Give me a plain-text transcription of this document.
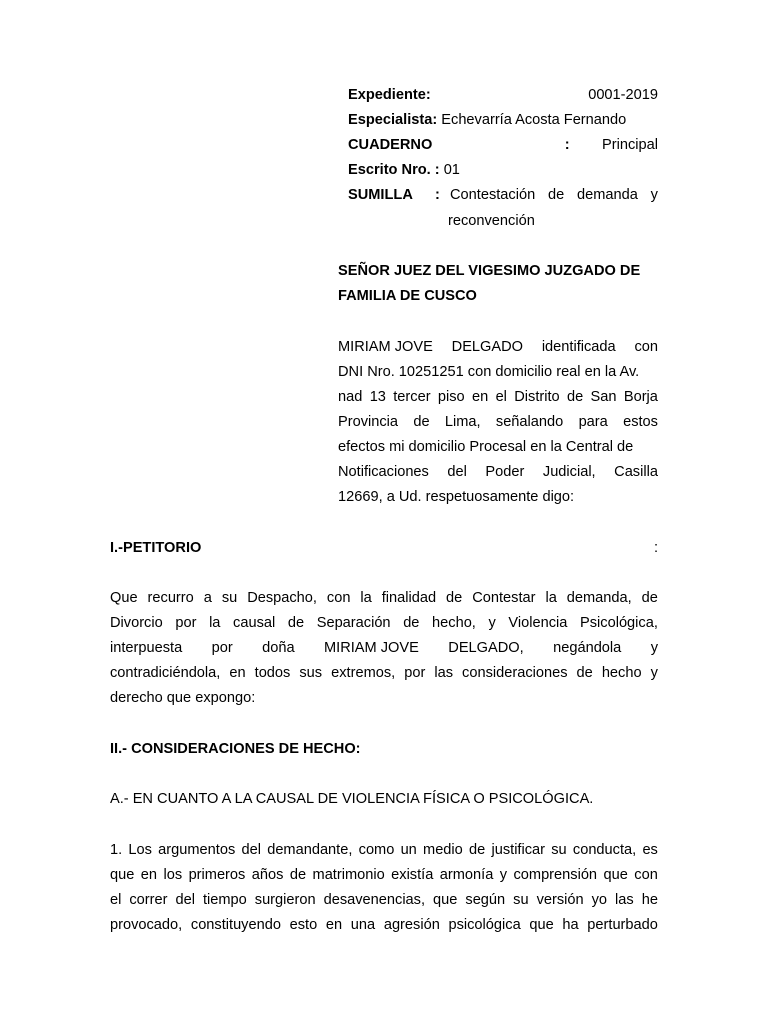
Expediente:	0001-2019
Especialista: Echevarría Acosta Fernando
CUADERNO	: Principal
Escrito Nro. : 01
SUMILLA : Contestación de demanda y
reconvención
SEÑOR JUEZ DEL VIGESIMO JUZGADO DE
FAMILIA DE CUSCO
MIRIAM JOVE DELGADO identificada con
DNI Nro. 10251251 con domicilio real en la Av.
nad 13 tercer piso en el Distrito de San Borja
Provincia de Lima, señalando para estos
efectos mi domicilio Procesal en la Central de
Notificaciones del Poder Judicial, Casilla
12669, a Ud. respetuosamente digo:
I.-PETITORIO	:
Que recurro a su Despacho, con la finalidad de Contestar la demanda, de
Divorcio por la causal de Separación de hecho, y Violencia Psicológica,
interpuesta por doña MIRIAM JOVE DELGADO, negándola y
contradiciéndola, en todos sus extremos, por las consideraciones de hecho y
derecho que expongo:
II.- CONSIDERACIONES DE HECHO:
A.- EN CUANTO A LA CAUSAL DE VIOLENCIA FÍSICA O PSICOLÓGICA.
1. Los argumentos del demandante, como un medio de justificar su conducta, es
que en los primeros años de matrimonio existía armonía y comprensión que con
el correr del tiempo surgieron desavenencias, que según su versión yo las he
provocado, constituyendo esto en una agresión psicológica que ha perturbado
